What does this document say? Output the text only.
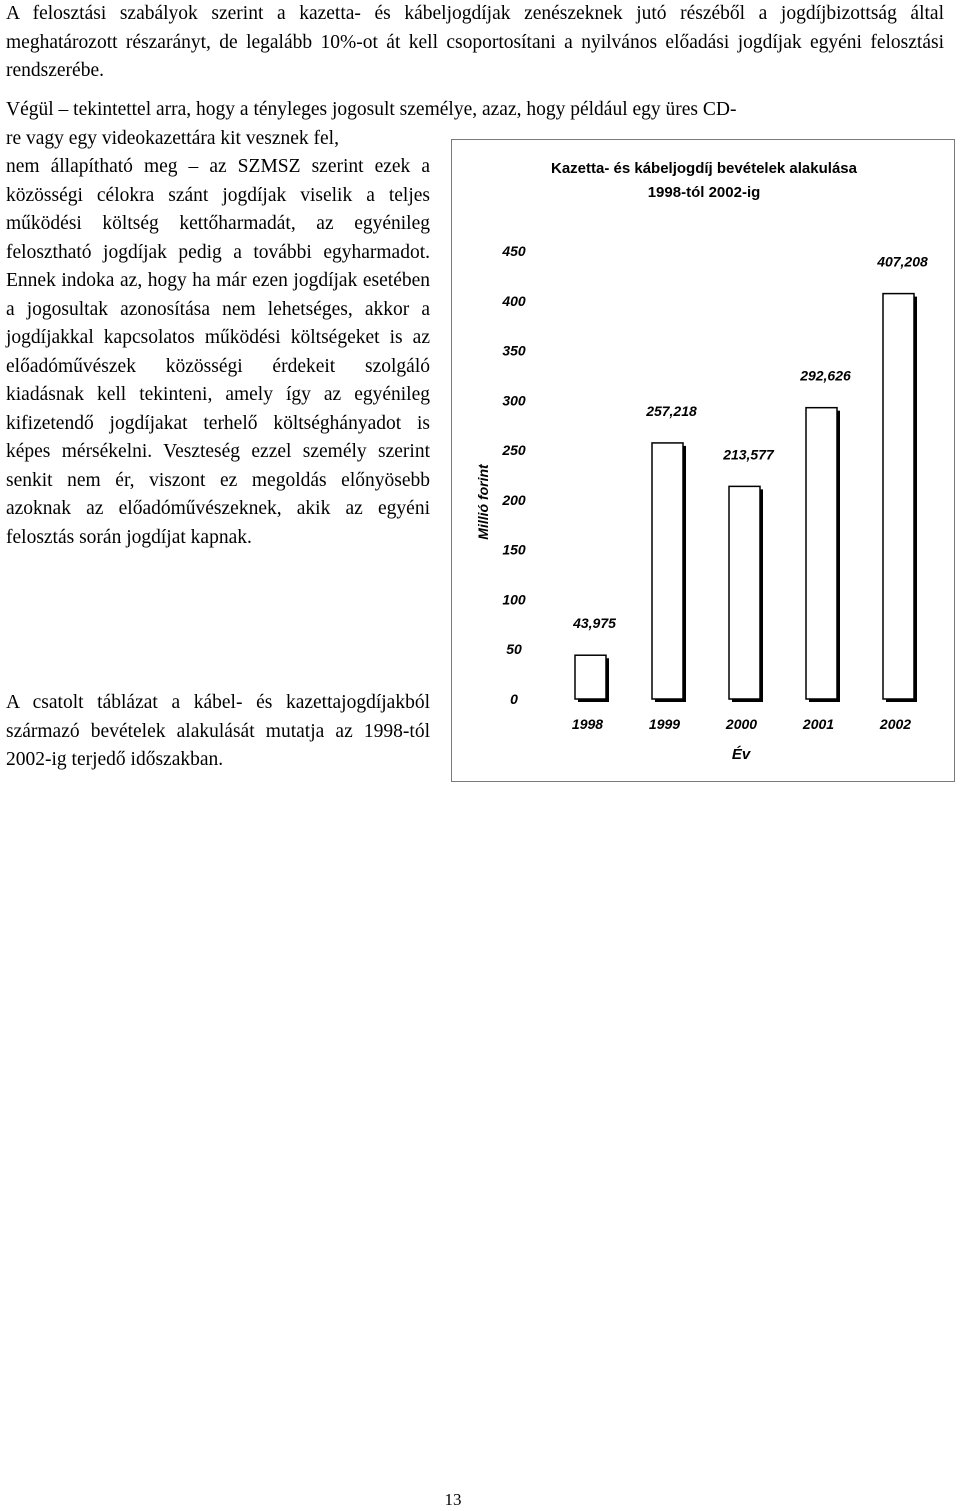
A felosztási szabályok szerint a kazetta- és kábeljogdíjak zenészeknek jutó részéből a jogdíjbizottság által meghatározott részarányt, de legalább 10%-ot át kell csoportosítani a nyilvános előadási jogdíjak egyéni felosztási rendszerébe.

Végül – tekintettel arra, hogy a tényleges jogosult személye, azaz, hogy például egy üres CD-

re vagy egy videokazettára kit vesznek fel,

nem állapítható meg – az SZMSZ szerint ezek a közösségi célokra szánt jogdíjak viselik a teljes működési költség kettőharmadát, az egyénileg felosztható jogdíjak pedig a további egyharmadot. Ennek indoka az, hogy ha már ezen jogdíjak esetében a jogosultak azonosítása nem lehetséges, akkor a jogdíjakkal kapcsolatos működési költségeket is az előadóművészek közösségi érdekeit szolgáló kiadásnak kell tekinteni, amely így az egyénileg kifizetendő jogdíjakat terhelő költséghányadot is képes mérsékelni. Veszteség ezzel személy szerint senkit nem ér, viszont ez megoldás előnyösebb azoknak az előadóművészeknek, akik az egyéni felosztás során jogdíjat kapnak.

A csatolt táblázat a kábel- és kazettajogdíjakból származó bevételek alakulását mutatja az 1998-tól 2002-ig terjedő időszakban.

Kazetta- és kábeljogdíj bevételek alakulása
1998-tól 2002-ig
Millió forint
Év
0
50
100
150
200
250
300
350
400
450
43,975
257,218
213,577
292,626
407,208
1998	1999	2000	2001	2002
13
